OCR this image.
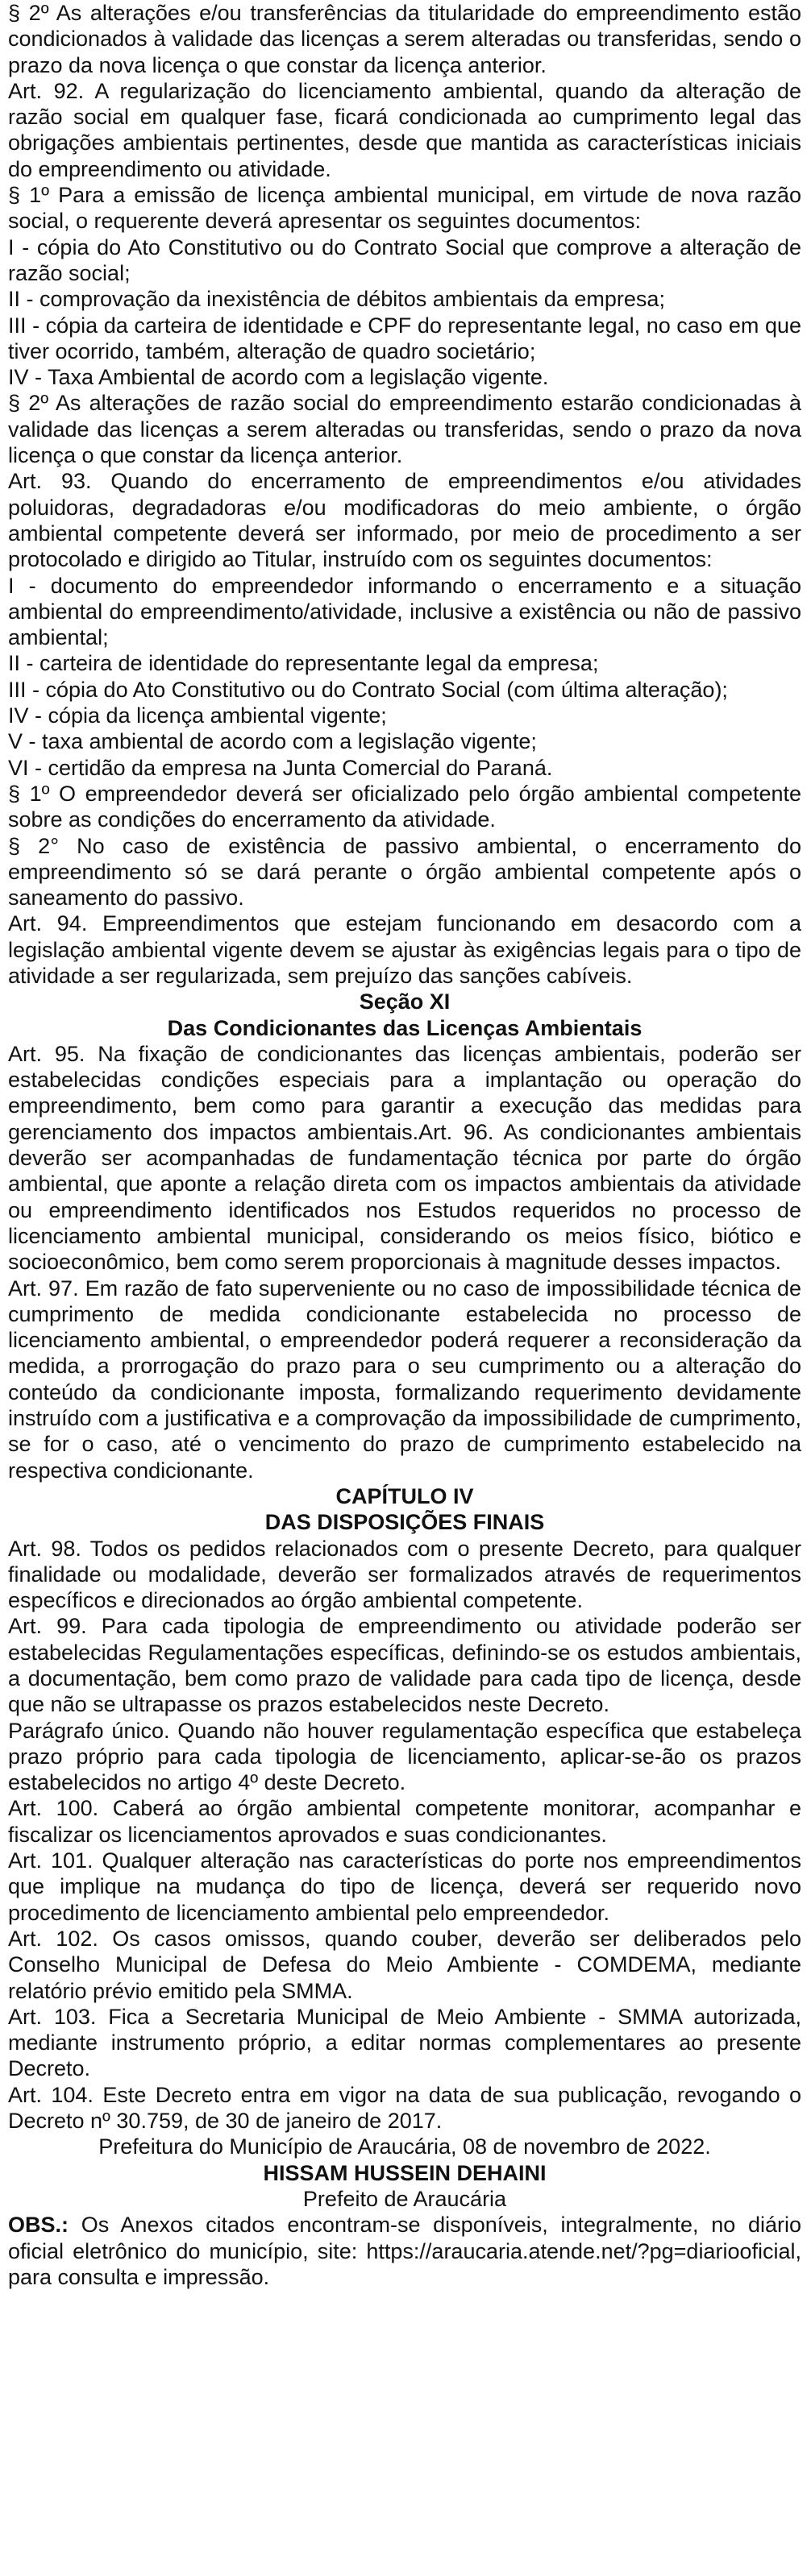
§ 2º As alterações e/ou transferências da titularidade do empreendimento estão condicionados à validade das licenças a serem alteradas ou transferidas, sendo o prazo da nova licença o que constar da licença anterior.
Art. 92. A regularização do licenciamento ambiental, quando da alteração de razão social em qualquer fase, ficará condicionada ao cumprimento legal das obrigações ambientais pertinentes, desde que mantida as características iniciais do empreendimento ou atividade.
§ 1º Para a emissão de licença ambiental municipal, em virtude de nova razão social, o requerente deverá apresentar os seguintes documentos:
I - cópia do Ato Constitutivo ou do Contrato Social que comprove a alteração de razão social;
II - comprovação da inexistência de débitos ambientais da empresa;
III - cópia da carteira de identidade e CPF do representante legal, no caso em que tiver ocorrido, também, alteração de quadro societário;
IV - Taxa Ambiental de acordo com a legislação vigente.
§ 2º As alterações de razão social do empreendimento estarão condicionadas à validade das licenças a serem alteradas ou transferidas, sendo o prazo da nova licença o que constar da licença anterior.
Art. 93. Quando do encerramento de empreendimentos e/ou atividades poluidoras, degradadoras e/ou modificadoras do meio ambiente, o órgão ambiental competente deverá ser informado, por meio de procedimento a ser protocolado e dirigido ao Titular, instruído com os seguintes documentos:
I - documento do empreendedor informando o encerramento e a situação ambiental do empreendimento/atividade, inclusive a existência ou não de passivo ambiental;
II - carteira de identidade do representante legal da empresa;
III - cópia do Ato Constitutivo ou do Contrato Social (com última alteração);
IV - cópia da licença ambiental vigente;
V - taxa ambiental de acordo com a legislação vigente;
VI - certidão da empresa na Junta Comercial do Paraná.
§ 1º O empreendedor deverá ser oficializado pelo órgão ambiental competente sobre as condições do encerramento da atividade.
§ 2° No caso de existência de passivo ambiental, o encerramento do empreendimento só se dará perante o órgão ambiental competente após o saneamento do passivo.
Art. 94. Empreendimentos que estejam funcionando em desacordo com a legislação ambiental vigente devem se ajustar às exigências legais para o tipo de atividade a ser regularizada, sem prejuízo das sanções cabíveis.
Seção XI
Das Condicionantes das Licenças Ambientais
Art. 95. Na fixação de condicionantes das licenças ambientais, poderão ser estabelecidas condições especiais para a implantação ou operação do empreendimento, bem como para garantir a execução das medidas para gerenciamento dos impactos ambientais.Art. 96. As condicionantes ambientais deverão ser acompanhadas de fundamentação técnica por parte do órgão ambiental, que aponte a relação direta com os impactos ambientais da atividade ou empreendimento identificados nos Estudos requeridos no processo de licenciamento ambiental municipal, considerando os meios físico, biótico e socioeconômico, bem como serem proporcionais à magnitude desses impactos.
Art. 97. Em razão de fato superveniente ou no caso de impossibilidade técnica de cumprimento de medida condicionante estabelecida no processo de licenciamento ambiental, o empreendedor poderá requerer a reconsideração da medida, a prorrogação do prazo para o seu cumprimento ou a alteração do conteúdo da condicionante imposta, formalizando requerimento devidamente instruído com a justificativa e a comprovação da impossibilidade de cumprimento, se for o caso, até o vencimento do prazo de cumprimento estabelecido na respectiva condicionante.
CAPÍTULO IV
DAS DISPOSIÇÕES FINAIS
Art. 98. Todos os pedidos relacionados com o presente Decreto, para qualquer finalidade ou modalidade, deverão ser formalizados através de requerimentos específicos e direcionados ao órgão ambiental competente.
Art. 99. Para cada tipologia de empreendimento ou atividade poderão ser estabelecidas Regulamentações específicas, definindo-se os estudos ambientais, a documentação, bem como prazo de validade para cada tipo de licença, desde que não se ultrapasse os prazos estabelecidos neste Decreto.
Parágrafo único. Quando não houver regulamentação específica que estabeleça prazo próprio para cada tipologia de licenciamento, aplicar-se-ão os prazos estabelecidos no artigo 4º deste Decreto.
Art. 100. Caberá ao órgão ambiental competente monitorar, acompanhar e fiscalizar os licenciamentos aprovados e suas condicionantes.
Art. 101. Qualquer alteração nas características do porte nos empreendimentos que implique na mudança do tipo de licença, deverá ser requerido novo procedimento de licenciamento ambiental pelo empreendedor.
Art. 102. Os casos omissos, quando couber, deverão ser deliberados pelo Conselho Municipal de Defesa do Meio Ambiente - COMDEMA, mediante relatório prévio emitido pela SMMA.
Art. 103. Fica a Secretaria Municipal de Meio Ambiente - SMMA autorizada, mediante instrumento próprio, a editar normas complementares ao presente Decreto.
Art. 104. Este Decreto entra em vigor na data de sua publicação, revogando o Decreto nº 30.759, de 30 de janeiro de 2017.
Prefeitura do Município de Araucária, 08 de novembro de 2022.
HISSAM HUSSEIN DEHAINI
Prefeito de Araucária
OBS.: Os Anexos citados encontram-se disponíveis, integralmente, no diário oficial eletrônico do município, site: https://araucaria.atende.net/?pg=diariooficial, para consulta e impressão.
